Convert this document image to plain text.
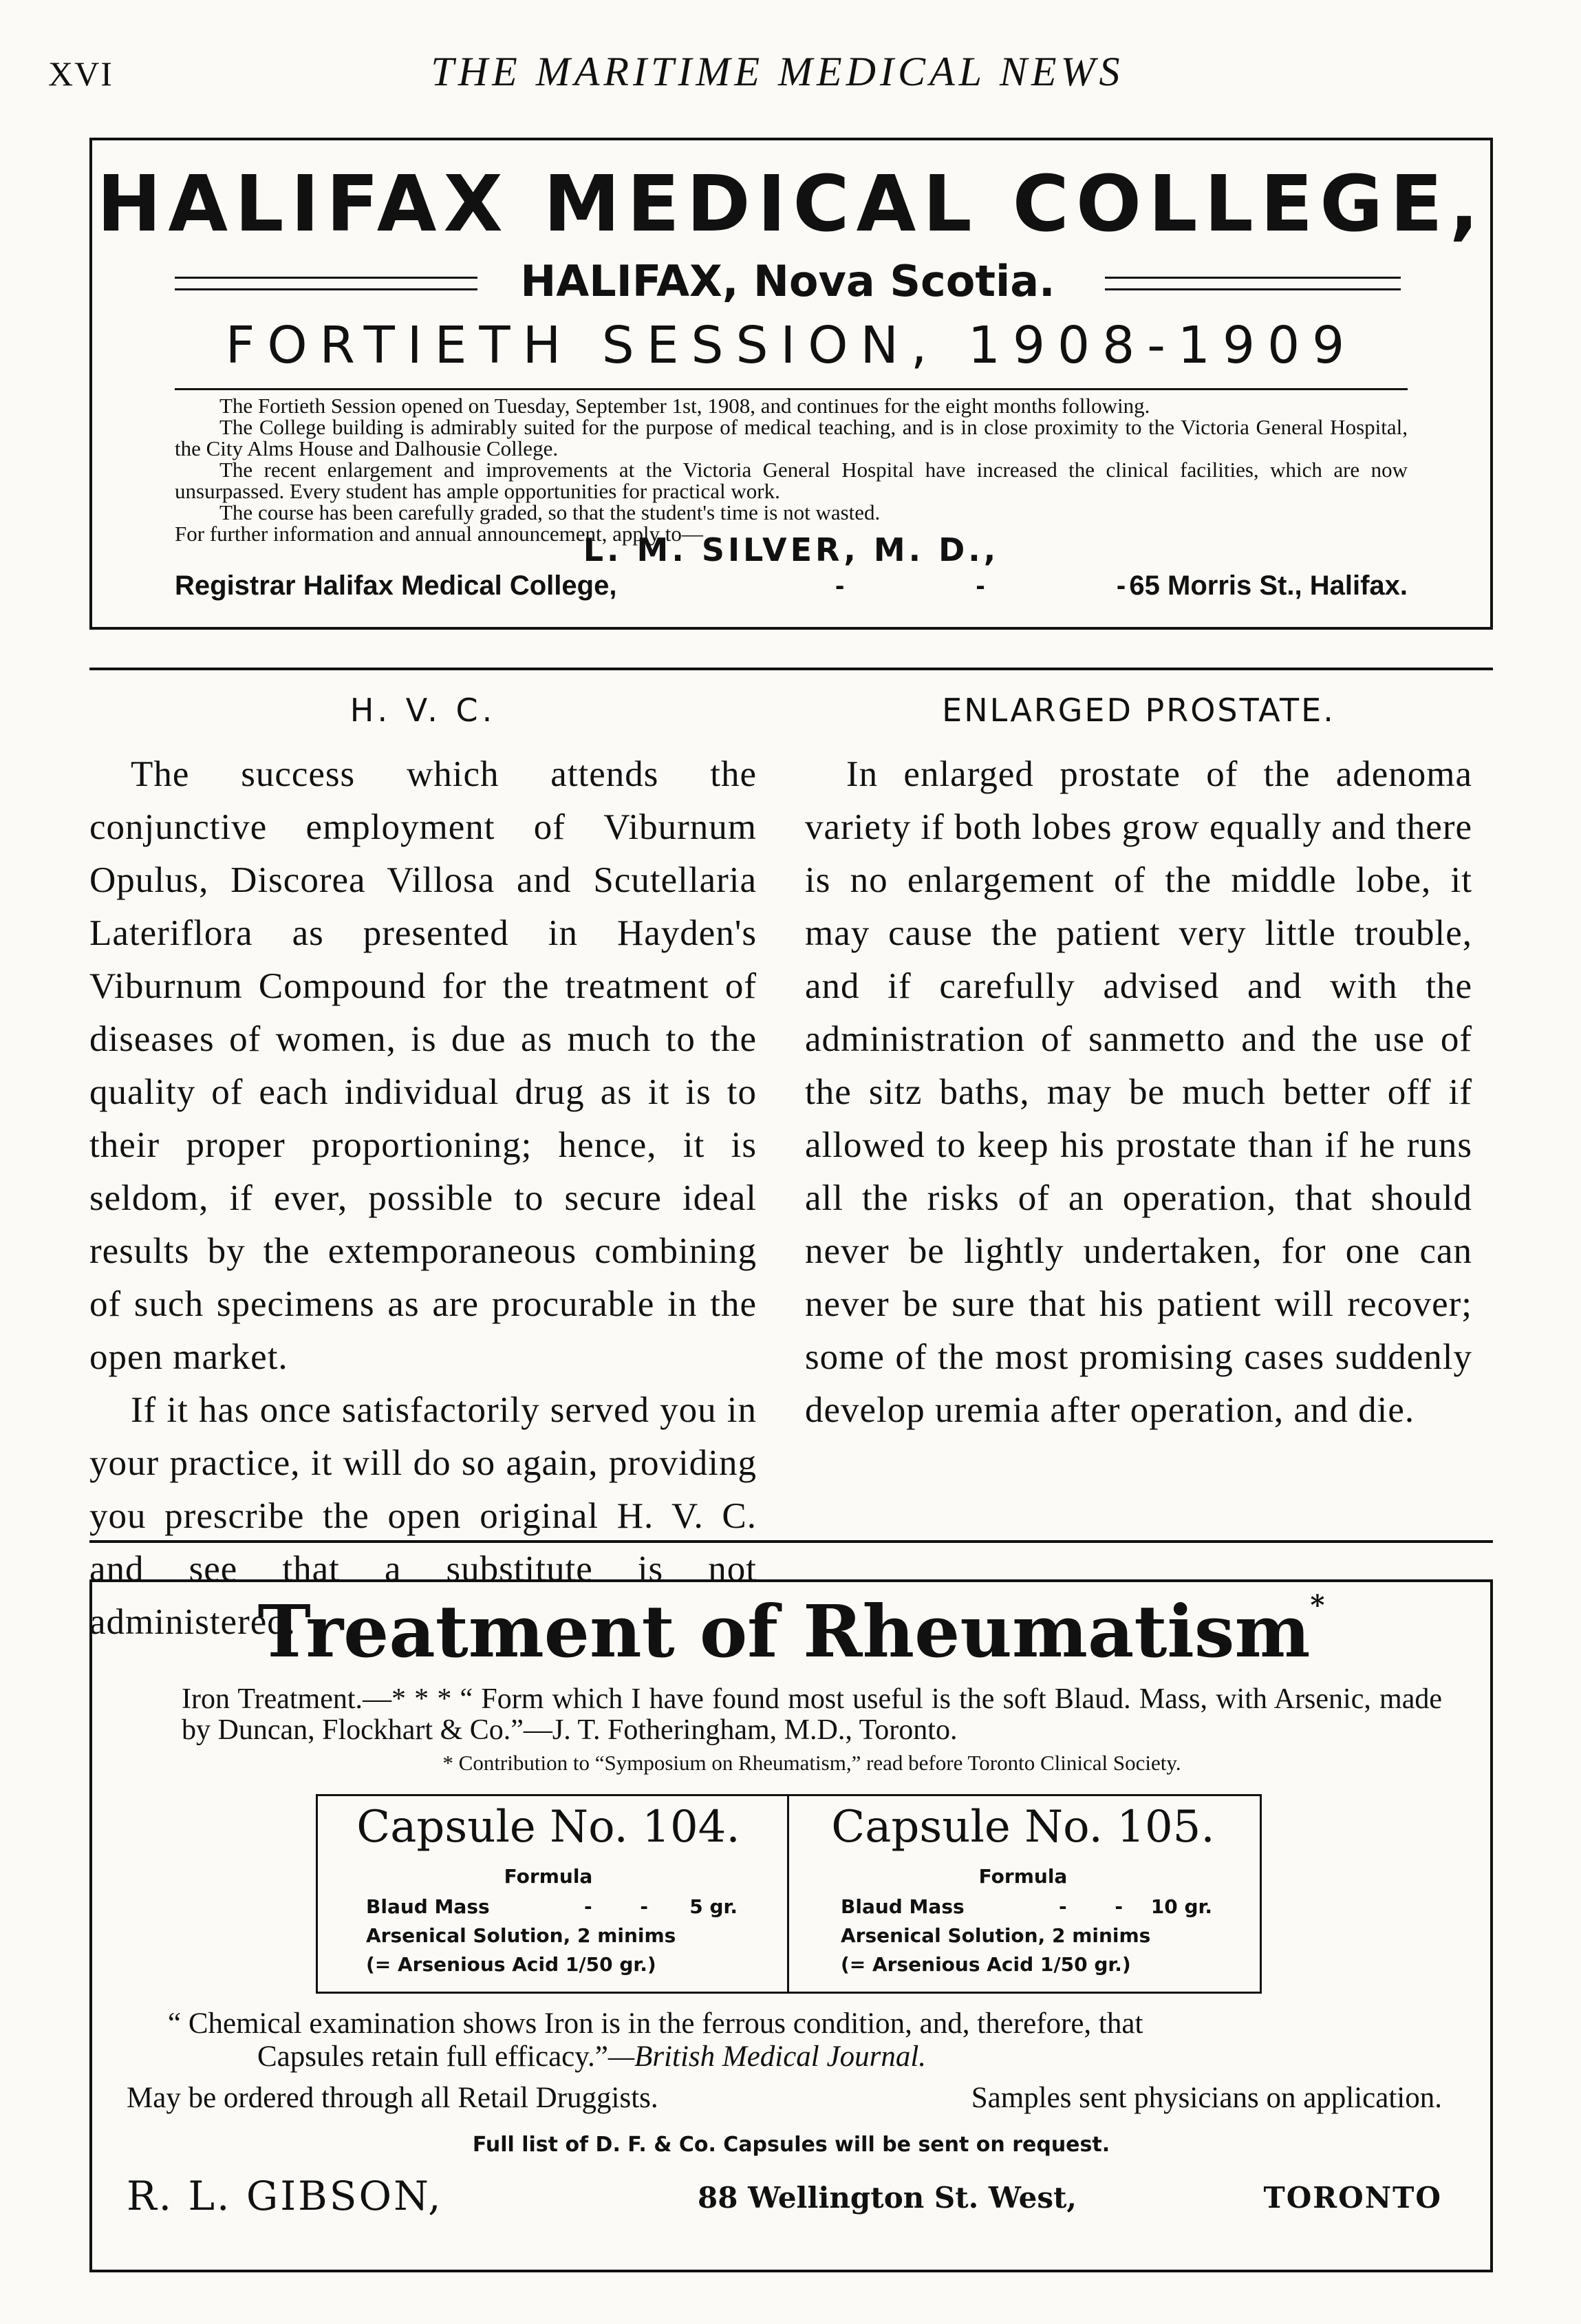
XVI	THE MARITIME MEDICAL NEWS
HALIFAX MEDICAL COLLEGE,
HALIFAX, Nova Scotia.
FORTIETH SESSION, 1908-1909

The Fortieth Session opened on Tuesday, September 1st, 1908, and continues for the eight months following.

The College building is admirably suited for the purpose of medical teaching, and is in close proximity to the Victoria General Hospital, the City Alms House and Dalhousie College.

The recent enlargement and improvements at the Victoria General Hospital have increased the clinical facilities, which are now unsurpassed. Every student has ample opportunities for practical work.

The course has been carefully graded, so that the student's time is not wasted.

For further information and annual announcement, apply to—

L. M. SILVER, M. D.,
Registrar Halifax Medical College,	- - -
65 Morris St., Halifax.
H. V. C.

The success which attends the conjunctive employment of Viburnum Opulus, Discorea Villosa and Scutellaria Lateriflora as presented in Hayden's Viburnum Compound for the treatment of diseases of women, is due as much to the quality of each individual drug as it is to their proper proportioning; hence, it is seldom, if ever, possible to secure ideal results by the extemporaneous combining of such specimens as are procurable in the open market.

If it has once satisfactorily served you in your practice, it will do so again, providing you prescribe the open original H. V. C. and see that a substitute is not administered.

ENLARGED PROSTATE.

In enlarged prostate of the adenoma variety if both lobes grow equally and there is no enlargement of the middle lobe, it may cause the patient very little trouble, and if carefully advised and with the administration of sanmetto and the use of the sitz baths, may be much better off if allowed to keep his prostate than if he runs all the risks of an operation, that should never be lightly undertaken, for one can never be sure that his patient will recover; some of the most promising cases suddenly develop uremia after operation, and die.

Treatment of Rheumatism*

Iron Treatment.—* * * “ Form which I have found most useful is the soft Blaud. Mass, with Arsenic, made by Duncan, Flockhart & Co.”—J. T. Fotheringham, M.D., Toronto.

* Contribution to “Symposium on Rheumatism,” read before Toronto Clinical Society.

Capsule No. 104.
Formula
Blaud Mass	- - 5 gr.
Arsenical Solution, 2 minims
(= Arsenious Acid 1/50 gr.)
Capsule No. 105.
Formula
Blaud Mass	- - 10 gr.
Arsenical Solution, 2 minims
(= Arsenious Acid 1/50 gr.)

“ Chemical examination shows Iron is in the ferrous condition, and, therefore, that

Capsules retain full efficacy.”—British Medical Journal.

May be ordered through all Retail Druggists.	Samples sent physicians on application.
Full list of D. F. & Co. Capsules will be sent on request.
R. L. GIBSON,	88 Wellington St. West,	TORONTO
